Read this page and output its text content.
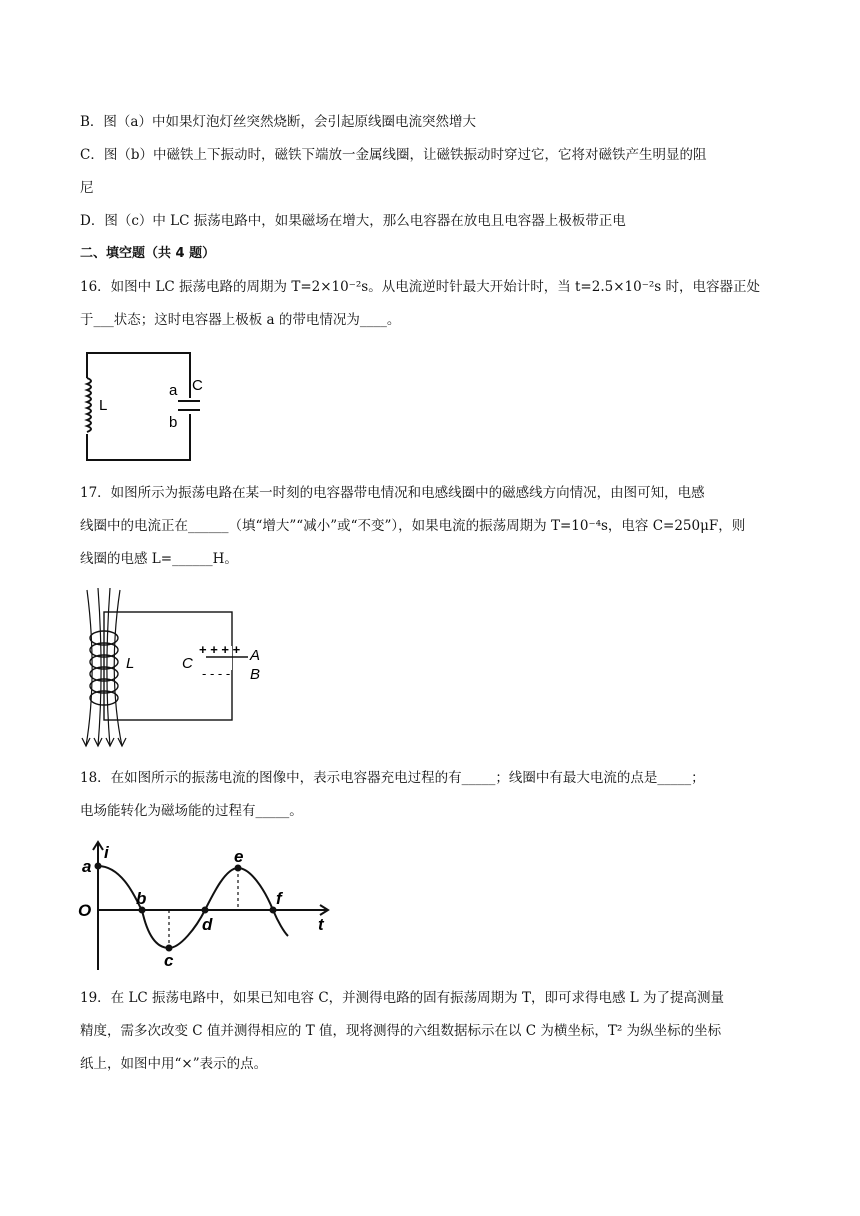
B．图（a）中如果灯泡灯丝突然烧断，会引起原线圈电流突然增大
C．图（b）中磁铁上下振动时，磁铁下端放一金属线圈，让磁铁振动时穿过它，它将对磁铁产生明显的阻
尼
D．图（c）中 LC 振荡电路中，如果磁场在增大，那么电容器在放电且电容器上极板带正电
二、填空题（共 4 题）
16．如图中 LC 振荡电路的周期为 T=2×10⁻²s。从电流逆时针最大开始计时，当 t=2.5×10⁻²s 时，电容器正处
于___状态；这时电容器上极板 a 的带电情况为____。
L
a
b
C
17．如图所示为振荡电路在某一时刻的电容器带电情况和电感线圈中的磁感线方向情况，由图可知，电感
线圈中的电流正在______（填“增大”“减小”或“不变”），如果电流的振荡周期为 T=10⁻⁴s，电容 C=250μF，则
线圈的电感 L=______H。
L	C
+ + + +
- - - -
A
B
18．在如图所示的振荡电流的图像中，表示电容器充电过程的有_____；线圈中有最大电流的点是_____；
电场能转化为磁场能的过程有_____。
i
t
O
a
b
c
d
e
f
19．在 LC 振荡电路中，如果已知电容 C，并测得电路的固有振荡周期为 T，即可求得电感 L 为了提高测量
精度，需多次改变 C 值并测得相应的 T 值，现将测得的六组数据标示在以 C 为横坐标，T² 为纵坐标的坐标
纸上，如图中用“×”表示的点。
